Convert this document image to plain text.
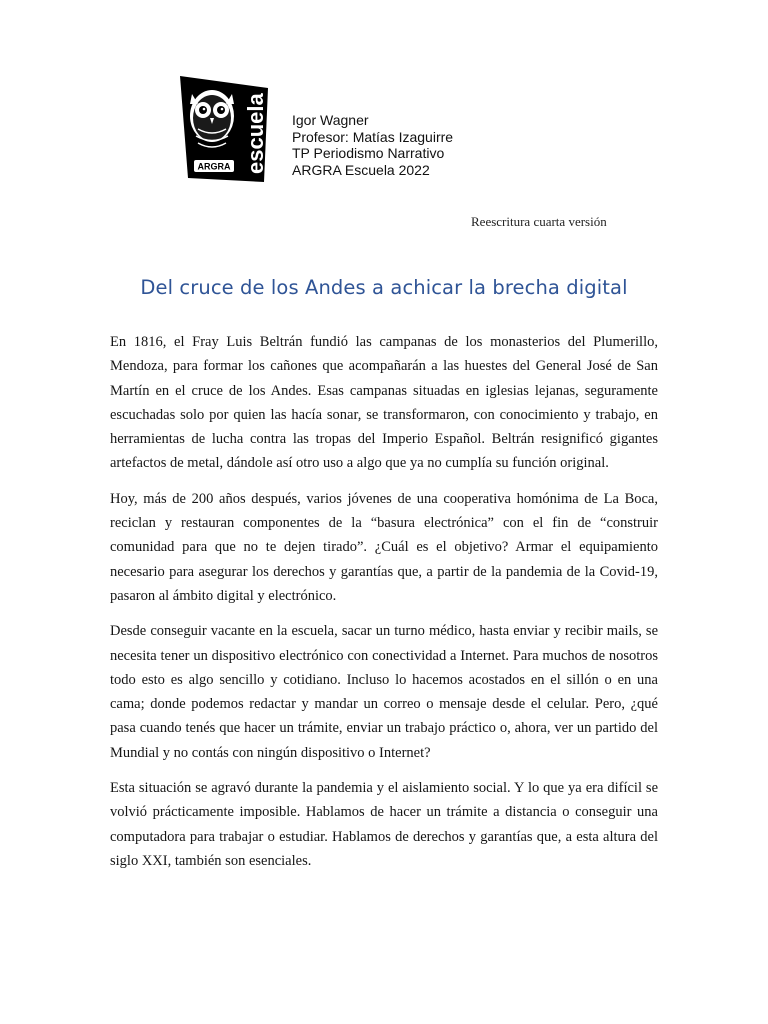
ARGRA escuela Igor Wagner
Profesor: Matías Izaguirre
TP Periodismo Narrativo
ARGRA Escuela 2022
Reescritura cuarta versión
Del cruce de los Andes a achicar la brecha digital

En 1816, el Fray Luis Beltrán fundió las campanas de los monasterios del Plumerillo, Mendoza, para formar los cañones que acompañarán a las huestes del General José de San Martín en el cruce de los Andes. Esas campanas situadas en iglesias lejanas, seguramente escuchadas solo por quien las hacía sonar, se transformaron, con conocimiento y trabajo, en herramientas de lucha contra las tropas del Imperio Español. Beltrán resignificó gigantes artefactos de metal, dándole así otro uso a algo que ya no cumplía su función original.

Hoy, más de 200 años después, varios jóvenes de una cooperativa homónima de La Boca, reciclan y restauran componentes de la “basura electrónica” con el fin de “construir comunidad para que no te dejen tirado”. ¿Cuál es el objetivo? Armar el equipamiento necesario para asegurar los derechos y garantías que, a partir de la pandemia de la Covid-19, pasaron al ámbito digital y electrónico.

Desde conseguir vacante en la escuela, sacar un turno médico, hasta enviar y recibir mails, se necesita tener un dispositivo electrónico con conectividad a Internet. Para muchos de nosotros todo esto es algo sencillo y cotidiano. Incluso lo hacemos acostados en el sillón o en una cama; donde podemos redactar y mandar un correo o mensaje desde el celular. Pero, ¿qué pasa cuando tenés que hacer un trámite, enviar un trabajo práctico o, ahora, ver un partido del Mundial y no contás con ningún dispositivo o Internet?

Esta situación se agravó durante la pandemia y el aislamiento social. Y lo que ya era difícil se volvió prácticamente imposible. Hablamos de hacer un trámite a distancia o conseguir una computadora para trabajar o estudiar. Hablamos de derechos y garantías que, a esta altura del siglo XXI, también son esenciales.
